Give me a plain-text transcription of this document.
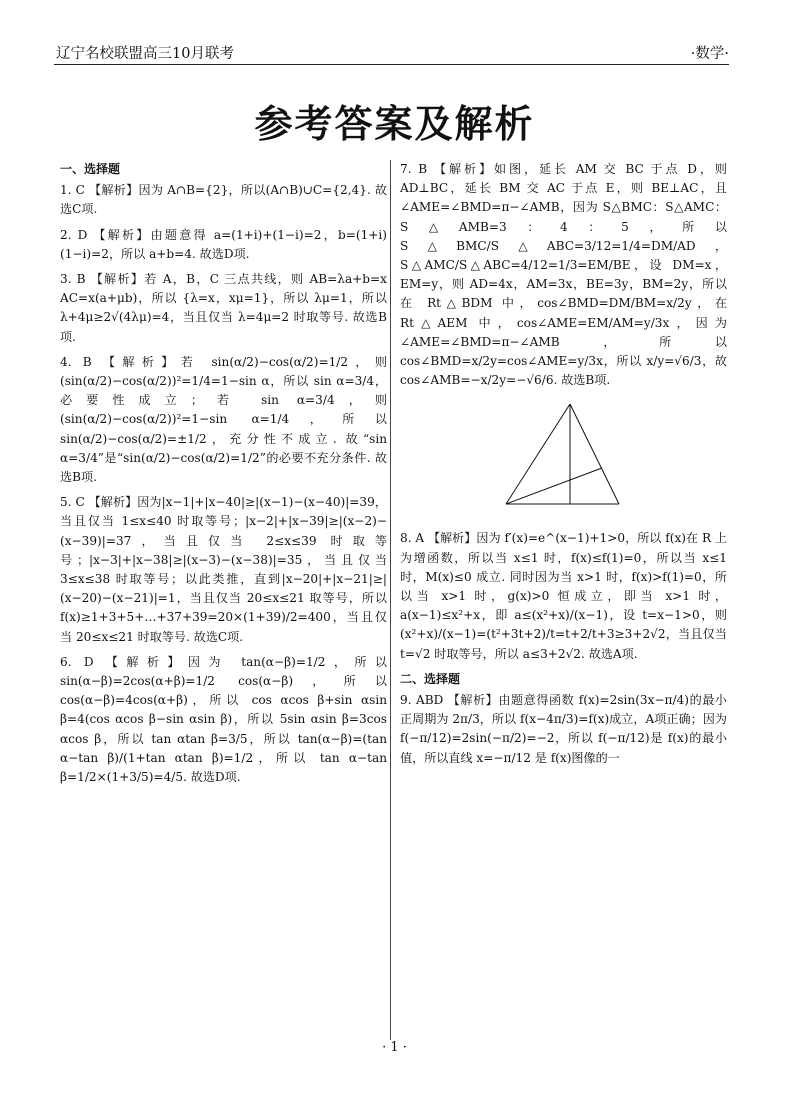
辽宁名校联盟高三10月联考	·数学·
参考答案及解析
一、选择题
1. C 【解析】因为 A∩B={2}，所以(A∩B)∪C={2,4}. 故选C项.
2. D 【解析】由题意得 a=(1+i)+(1−i)=2，b=(1+i)(1−i)=2，所以 a+b=4. 故选D项.
3. B 【解析】若 A，B，C 三点共线，则 AB=λa+b=x AC=x(a+μb)，所以 {λ=x，xμ=1}，所以 λμ=1，所以 λ+4μ≥2√(4λμ)=4，当且仅当 λ=4μ=2 时取等号. 故选B项.
4. B 【解析】若 sin(α/2)−cos(α/2)=1/2，则 (sin(α/2)−cos(α/2))²=1/4=1−sin α，所以 sin α=3/4，必要性成立；若 sin α=3/4，则 (sin(α/2)−cos(α/2))²=1−sin α=1/4，所以 sin(α/2)−cos(α/2)=±1/2，充分性不成立. 故“sin α=3/4”是“sin(α/2)−cos(α/2)=1/2”的必要不充分条件. 故选B项.
5. C 【解析】因为|x−1|+|x−40|≥|(x−1)−(x−40)|=39，当且仅当 1≤x≤40 时取等号；|x−2|+|x−39|≥|(x−2)−(x−39)|=37，当且仅当 2≤x≤39 时取等号；|x−3|+|x−38|≥|(x−3)−(x−38)|=35，当且仅当 3≤x≤38 时取等号；以此类推，直到|x−20|+|x−21|≥|(x−20)−(x−21)|=1，当且仅当 20≤x≤21 取等号，所以 f(x)≥1+3+5+…+37+39=20×(1+39)/2=400，当且仅当 20≤x≤21 时取等号. 故选C项.
6. D 【解析】因为 tan(α−β)=1/2，所以 sin(α−β)=2cos(α+β)=1/2 cos(α−β)，所以 cos(α−β)=4cos(α+β)，所以 cos αcos β+sin αsin β=4(cos αcos β−sin αsin β)，所以 5sin αsin β=3cos αcos β，所以 tan αtan β=3/5，所以 tan(α−β)=(tan α−tan β)/(1+tan αtan β)=1/2，所以 tan α−tan β=1/2×(1+3/5)=4/5. 故选D项.
7. B 【解析】如图，延长 AM 交 BC 于点 D，则 AD⊥BC，延长 BM 交 AC 于点 E，则 BE⊥AC，且∠AME=∠BMD=π−∠AMB，因为 S△BMC：S△AMC：S△AMB=3：4：5，所以 S△BMC/S△ABC=3/12=1/4=DM/AD，S△AMC/S△ABC=4/12=1/3=EM/BE，设 DM=x，EM=y，则 AD=4x，AM=3x，BE=3y，BM=2y，所以在 Rt△BDM 中，cos∠BMD=DM/BM=x/2y，在 Rt△AEM 中，cos∠AME=EM/AM=y/3x，因为∠AME=∠BMD=π−∠AMB，所以 cos∠BMD=x/2y=cos∠AME=y/3x，所以 x/y=√6/3，故 cos∠AMB=−x/2y=−√6/6. 故选B项.
8. A 【解析】因为 f′(x)=e^(x−1)+1>0，所以 f(x)在 R 上为增函数，所以当 x≤1 时，f(x)≤f(1)=0，所以当 x≤1 时，M(x)≤0 成立. 同时因为当 x>1 时，f(x)>f(1)=0，所以当 x>1 时，g(x)>0 恒成立，即当 x>1 时，a(x−1)≤x²+x，即 a≤(x²+x)/(x−1)，设 t=x−1>0，则 (x²+x)/(x−1)=(t²+3t+2)/t=t+2/t+3≥3+2√2，当且仅当 t=√2 时取等号，所以 a≤3+2√2. 故选A项.
二、选择题
9. ABD 【解析】由题意得函数 f(x)=2sin(3x−π/4)的最小正周期为 2π/3，所以 f(x−4π/3)=f(x)成立，A项正确；因为 f(−π/12)=2sin(−π/2)=−2，所以 f(−π/12)是 f(x)的最小值，所以直线 x=−π/12 是 f(x)图像的一
· 1 ·
